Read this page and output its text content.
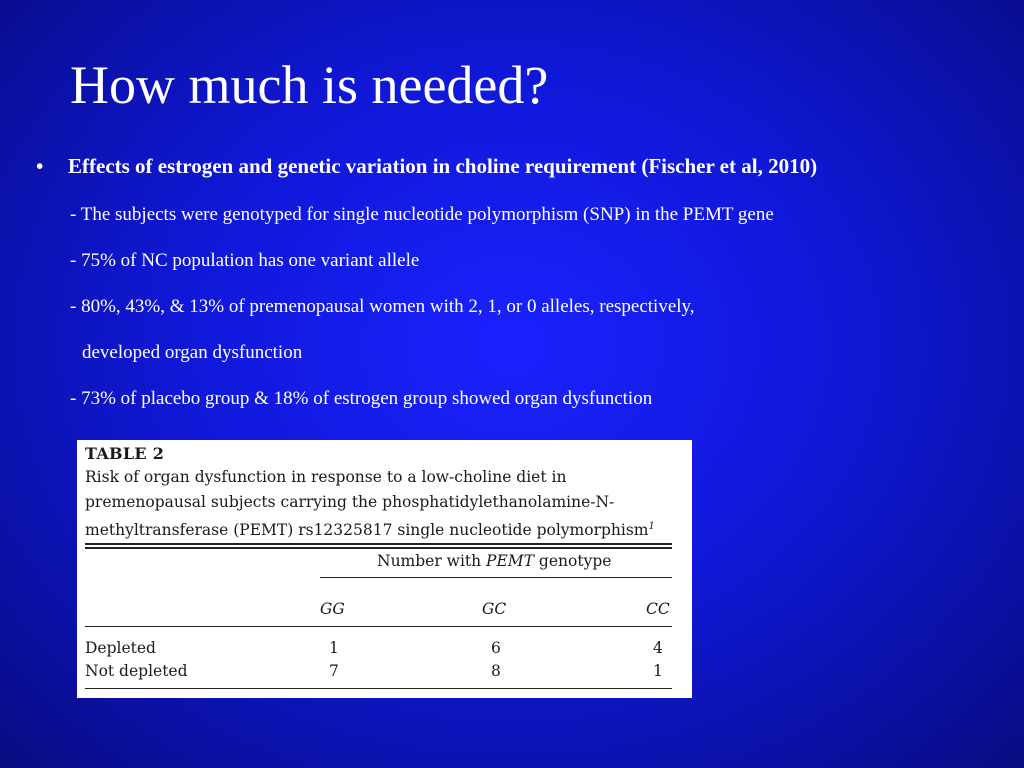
How much is needed?
• Effects of estrogen and genetic variation in choline requirement (Fischer et al, 2010)
- The subjects were genotyped for single nucleotide polymorphism (SNP) in the PEMT gene
- 75% of NC population has one variant allele
- 80%, 43%, & 13% of premenopausal women with 2, 1, or 0 alleles, respectively,
developed organ dysfunction
- 73% of placebo group & 18% of estrogen group showed organ dysfunction
TABLE 2
Risk of organ dysfunction in response to a low-choline diet in
premenopausal subjects carrying the phosphatidylethanolamine-N-
methyltransferase (PEMT) rs12325817 single nucleotide polymorphism$^1$
Number with PEMT genotype
GG	GC	CC
Depleted	1	6	4
Not depleted	7	8	1
